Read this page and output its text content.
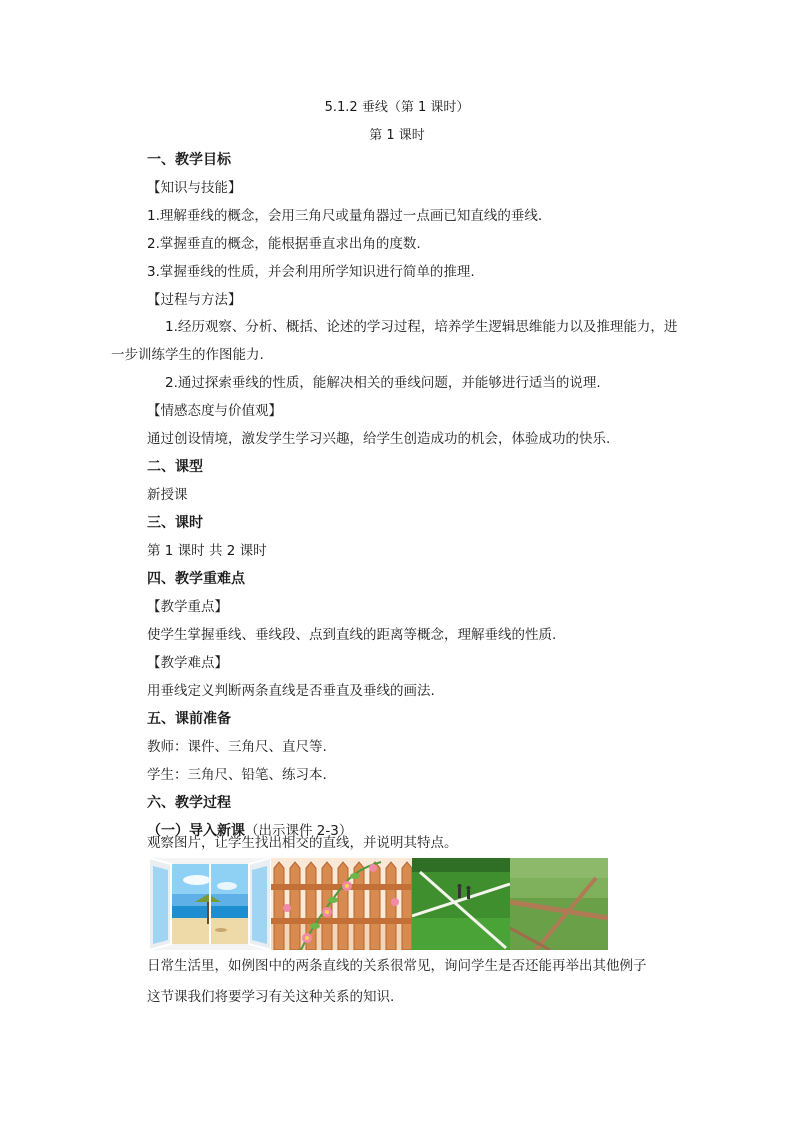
5.1.2 垂线（第 1 课时）
第 1 课时
一、教学目标
【知识与技能】
1.理解垂线的概念，会用三角尺或量角器过一点画已知直线的垂线.
2.掌握垂直的概念，能根据垂直求出角的度数.
3.掌握垂线的性质，并会利用所学知识进行简单的推理.
【过程与方法】
1.经历观察、分析、概括、论述的学习过程，培养学生逻辑思维能力以及推理能力，进
一步训练学生的作图能力.
2.通过探索垂线的性质，能解决相关的垂线问题，并能够进行适当的说理.
【情感态度与价值观】
通过创设情境，激发学生学习兴趣，给学生创造成功的机会，体验成功的快乐.
二、课型
新授课
三、课时
第 1 课时 共 2 课时
四、教学重难点
【教学重点】
使学生掌握垂线、垂线段、点到直线的距离等概念，理解垂线的性质.
【教学难点】
用垂线定义判断两条直线是否垂直及垂线的画法.
五、课前准备
教师：课件、三角尺、直尺等.
学生：三角尺、铅笔、练习本.
六、教学过程
（一）导入新课（出示课件 2-3）
观察图片，让学生找出相交的直线，并说明其特点。
日常生活里，如例图中的两条直线的关系很常见，询问学生是否还能再举出其他例子
这节课我们将要学习有关这种关系的知识.
